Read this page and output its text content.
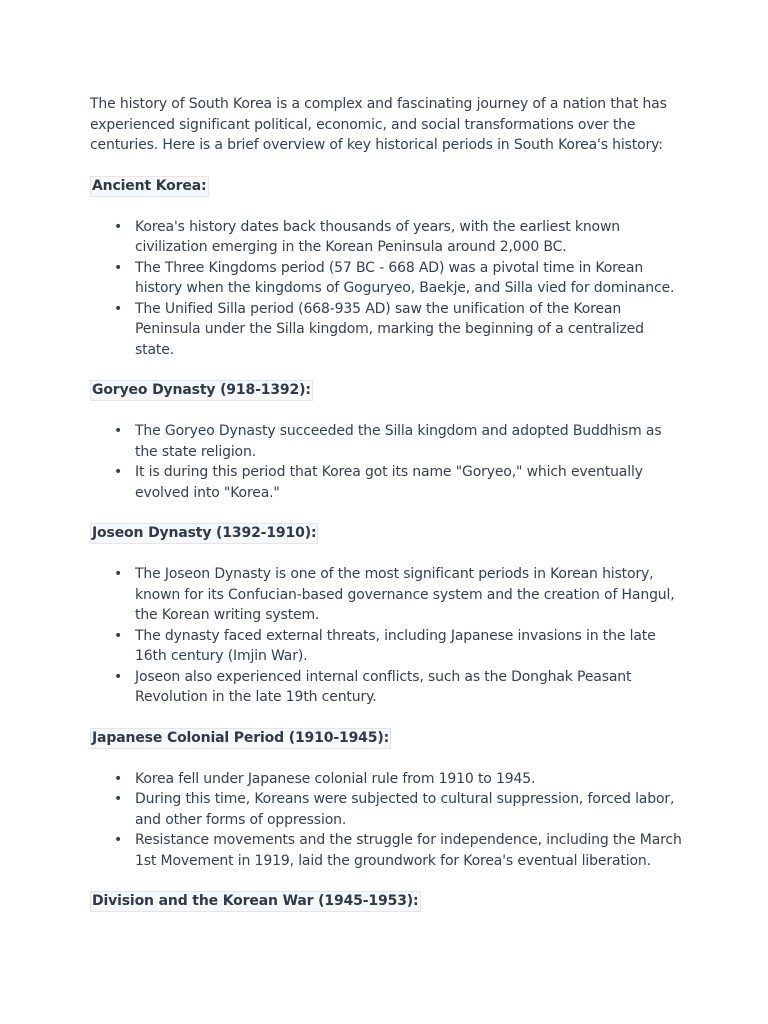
The history of South Korea is a complex and fascinating journey of a nation that has experienced significant political, economic, and social transformations over the centuries. Here is a brief overview of key historical periods in South Korea's history:

Ancient Korea:
• Korea's history dates back thousands of years, with the earliest known civilization emerging in the Korean Peninsula around 2,000 BC.
• The Three Kingdoms period (57 BC - 668 AD) was a pivotal time in Korean history when the kingdoms of Goguryeo, Baekje, and Silla vied for dominance.
• The Unified Silla period (668-935 AD) saw the unification of the Korean Peninsula under the Silla kingdom, marking the beginning of a centralized state.
Goryeo Dynasty (918-1392):
• The Goryeo Dynasty succeeded the Silla kingdom and adopted Buddhism as the state religion.
• It is during this period that Korea got its name "Goryeo," which eventually evolved into "Korea."
Joseon Dynasty (1392-1910):
• The Joseon Dynasty is one of the most significant periods in Korean history, known for its Confucian-based governance system and the creation of Hangul, the Korean writing system.
• The dynasty faced external threats, including Japanese invasions in the late 16th century (Imjin War).
• Joseon also experienced internal conflicts, such as the Donghak Peasant Revolution in the late 19th century.
Japanese Colonial Period (1910-1945):
• Korea fell under Japanese colonial rule from 1910 to 1945.
• During this time, Koreans were subjected to cultural suppression, forced labor, and other forms of oppression.
• Resistance movements and the struggle for independence, including the March 1st Movement in 1919, laid the groundwork for Korea's eventual liberation.
Division and the Korean War (1945-1953):
